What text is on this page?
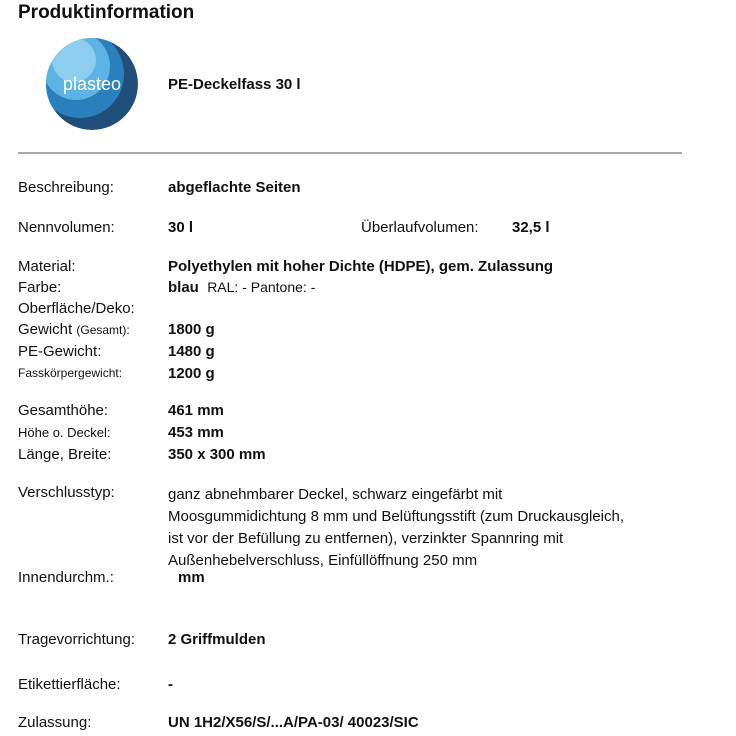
Produktinformation
plasteo	PE-Deckelfass 30 l
Beschreibung:	abgeflachte Seiten
Nennvolumen:	30 l	Überlaufvolumen: 32,5 l
Material:	Polyethylen mit hoher Dichte (HDPE), gem. Zulassung
Farbe:	blau RAL: - Pantone: -
Oberfläche/Deko:
Gewicht (Gesamt):	1800 g
PE-Gewicht:	1480 g
Fasskörpergewicht:	1200 g
Gesamthöhe:	461 mm
Höhe o. Deckel:	453 mm
Länge, Breite:	350 x 300 mm
Verschlusstyp:	ganz abnehmbarer Deckel, schwarz eingefärbt mit
Moosgummidichtung 8 mm und Belüftungsstift (zum Druckausgleich,
ist vor der Befüllung zu entfernen), verzinkter Spannring mit
Außenhebelverschluss, Einfüllöffnung 250 mm
Innendurchm.:	mm
Tragevorrichtung: 2 Griffmulden
Etikettierfläche:	-
Zulassung:	UN 1H2/X56/S/...A/PA-03/ 40023/SIC
